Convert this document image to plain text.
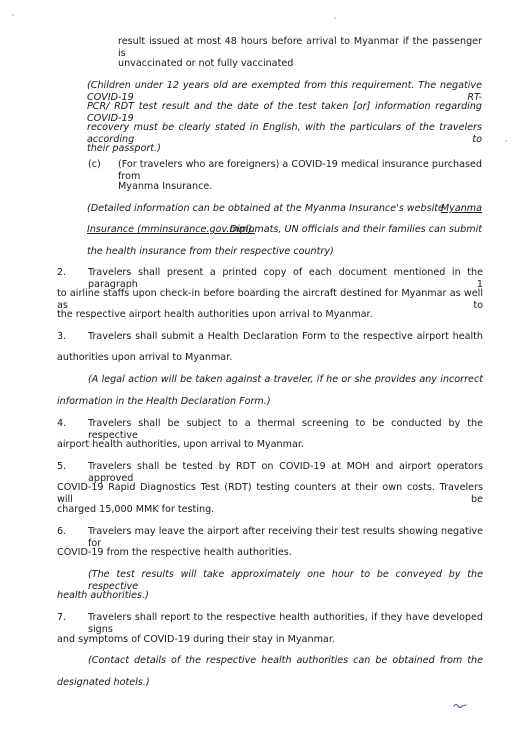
result issued at most 48 hours before arrival to Myanmar if the passenger is
unvaccinated or not fully vaccinated
(Children under 12 years old are exempted from this requirement. The negative COVID-19 RT-
PCR/ RDT test result and the date of the test taken [or] information regarding COVID-19
recovery must be clearly stated in English, with the particulars of the travelers according to
their passport.)
(c) (For travelers who are foreigners) a COVID-19 medical insurance purchased from
Myanma Insurance.
(Detailed information can be obtained at the Myanma Insurance's website
Myanma
Insurance (mminsurance.gov.mm).
Diplomats, UN officials and their families can submit
the health insurance from their respective country)
2. Travelers shall present a printed copy of each document mentioned in the paragraph 1
to airline staffs upon check-in before boarding the aircraft destined for Myanmar as well as to
the respective airport health authorities upon arrival to Myanmar.
3. Travelers shall submit a Health Declaration Form to the respective airport health
authorities upon arrival to Myanmar.
(A legal action will be taken against a traveler, if he or she provides any incorrect
information in the Health Declaration Form.)
4. Travelers shall be subject to a thermal screening to be conducted by the respective
airport health authorities, upon arrival to Myanmar.
5. Travelers shall be tested by RDT on COVID-19 at MOH and airport operators approved
COVID-19 Rapid Diagnostics Test (RDT) testing counters at their own costs. Travelers will be
charged 15,000 MMK for testing.
6. Travelers may leave the airport after receiving their test results showing negative for
COVID-19 from the respective health authorities.
(The test results will take approximately one hour to be conveyed by the respective
health authorities.)
7. Travelers shall report to the respective health authorities, if they have developed signs
and symptoms of COVID-19 during their stay in Myanmar.
(Contact details of the respective health authorities can be obtained from the
designated hotels.)
